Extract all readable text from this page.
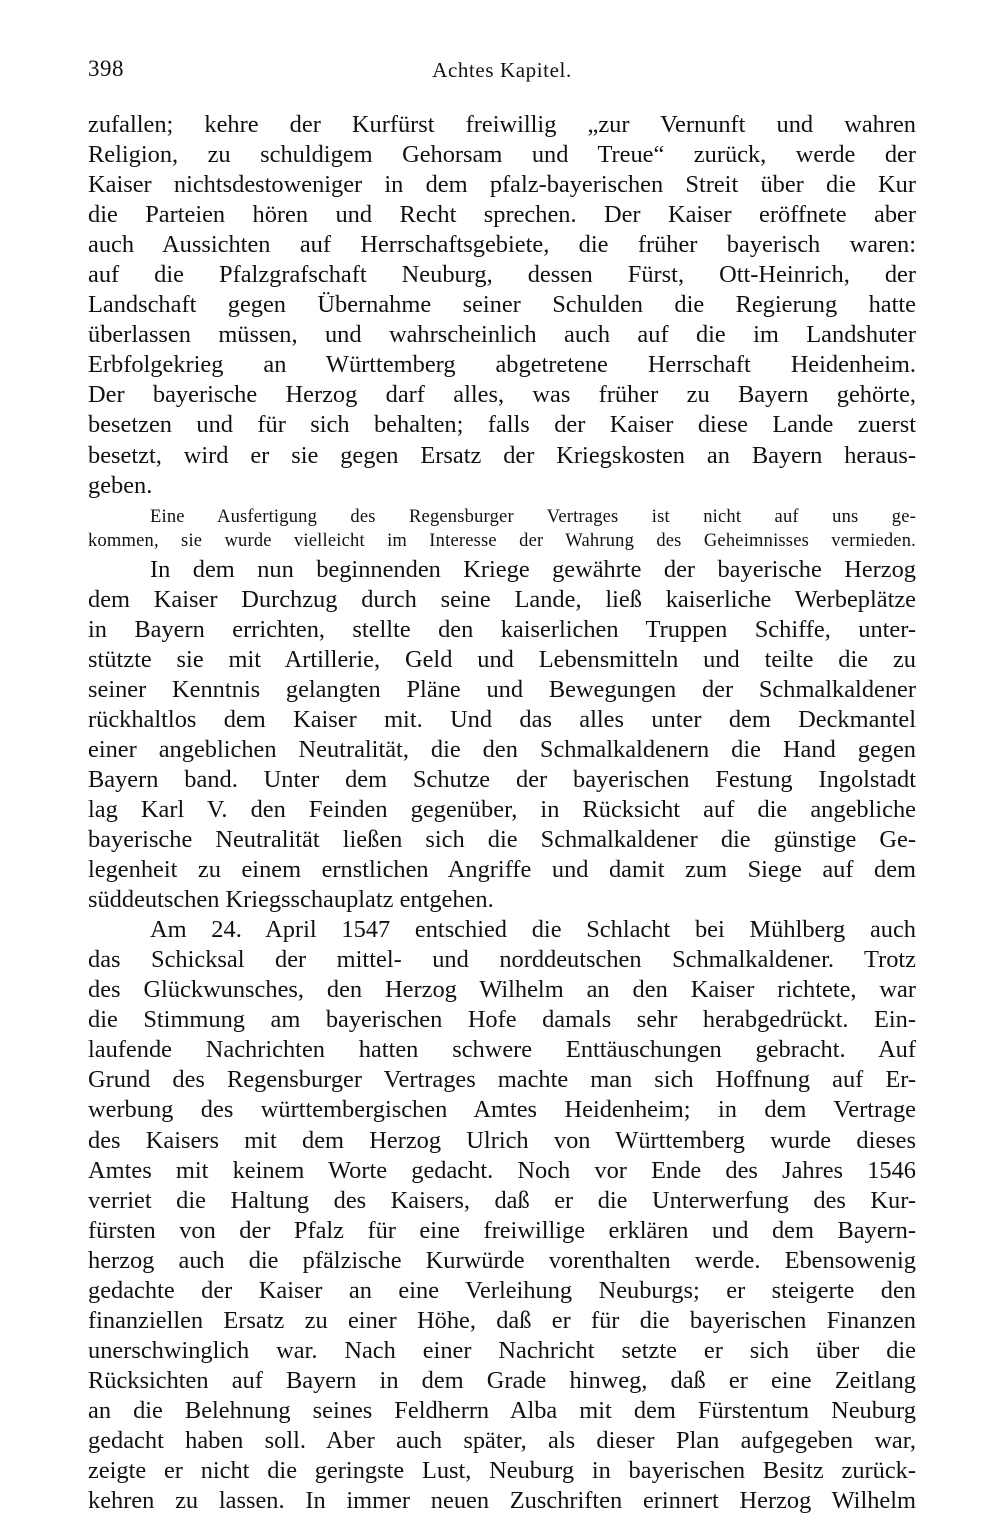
398	Achtes Kapitel.
zufallen; kehre der Kurfürst freiwillig „zur Vernunft und wahren
Religion, zu schuldigem Gehorsam und Treue“ zurück, werde der
Kaiser nichtsdestoweniger in dem pfalz-bayerischen Streit über die Kur
die Parteien hören und Recht sprechen. Der Kaiser eröffnete aber
auch Aussichten auf Herrschaftsgebiete, die früher bayerisch waren:
auf die Pfalzgrafschaft Neuburg, dessen Fürst, Ott-Heinrich, der
Landschaft gegen Übernahme seiner Schulden die Regierung hatte
überlassen müssen, und wahrscheinlich auch auf die im Landshuter
Erbfolgekrieg an Württemberg abgetretene Herrschaft Heidenheim.
Der bayerische Herzog darf alles, was früher zu Bayern gehörte,
besetzen und für sich behalten; falls der Kaiser diese Lande zuerst
besetzt, wird er sie gegen Ersatz der Kriegskosten an Bayern heraus-
geben.
Eine Ausfertigung des Regensburger Vertrages ist nicht auf uns ge-
kommen, sie wurde vielleicht im Interesse der Wahrung des Geheimnisses vermieden.
In dem nun beginnenden Kriege gewährte der bayerische Herzog
dem Kaiser Durchzug durch seine Lande, ließ kaiserliche Werbeplätze
in Bayern errichten, stellte den kaiserlichen Truppen Schiffe, unter-
stützte sie mit Artillerie, Geld und Lebensmitteln und teilte die zu
seiner Kenntnis gelangten Pläne und Bewegungen der Schmalkaldener
rückhaltlos dem Kaiser mit. Und das alles unter dem Deckmantel
einer angeblichen Neutralität, die den Schmalkaldenern die Hand gegen
Bayern band. Unter dem Schutze der bayerischen Festung Ingolstadt
lag Karl V. den Feinden gegenüber, in Rücksicht auf die angebliche
bayerische Neutralität ließen sich die Schmalkaldener die günstige Ge-
legenheit zu einem ernstlichen Angriffe und damit zum Siege auf dem
süddeutschen Kriegsschauplatz entgehen.
Am 24. April 1547 entschied die Schlacht bei Mühlberg auch
das Schicksal der mittel- und norddeutschen Schmalkaldener. Trotz
des Glückwunsches, den Herzog Wilhelm an den Kaiser richtete, war
die Stimmung am bayerischen Hofe damals sehr herabgedrückt. Ein-
laufende Nachrichten hatten schwere Enttäuschungen gebracht. Auf
Grund des Regensburger Vertrages machte man sich Hoffnung auf Er-
werbung des württembergischen Amtes Heidenheim; in dem Vertrage
des Kaisers mit dem Herzog Ulrich von Württemberg wurde dieses
Amtes mit keinem Worte gedacht. Noch vor Ende des Jahres 1546
verriet die Haltung des Kaisers, daß er die Unterwerfung des Kur-
fürsten von der Pfalz für eine freiwillige erklären und dem Bayern-
herzog auch die pfälzische Kurwürde vorenthalten werde. Ebensowenig
gedachte der Kaiser an eine Verleihung Neuburgs; er steigerte den
finanziellen Ersatz zu einer Höhe, daß er für die bayerischen Finanzen
unerschwinglich war. Nach einer Nachricht setzte er sich über die
Rücksichten auf Bayern in dem Grade hinweg, daß er eine Zeitlang
an die Belehnung seines Feldherrn Alba mit dem Fürstentum Neuburg
gedacht haben soll. Aber auch später, als dieser Plan aufgegeben war,
zeigte er nicht die geringste Lust, Neuburg in bayerischen Besitz zurück-
kehren zu lassen. In immer neuen Zuschriften erinnert Herzog Wilhelm
